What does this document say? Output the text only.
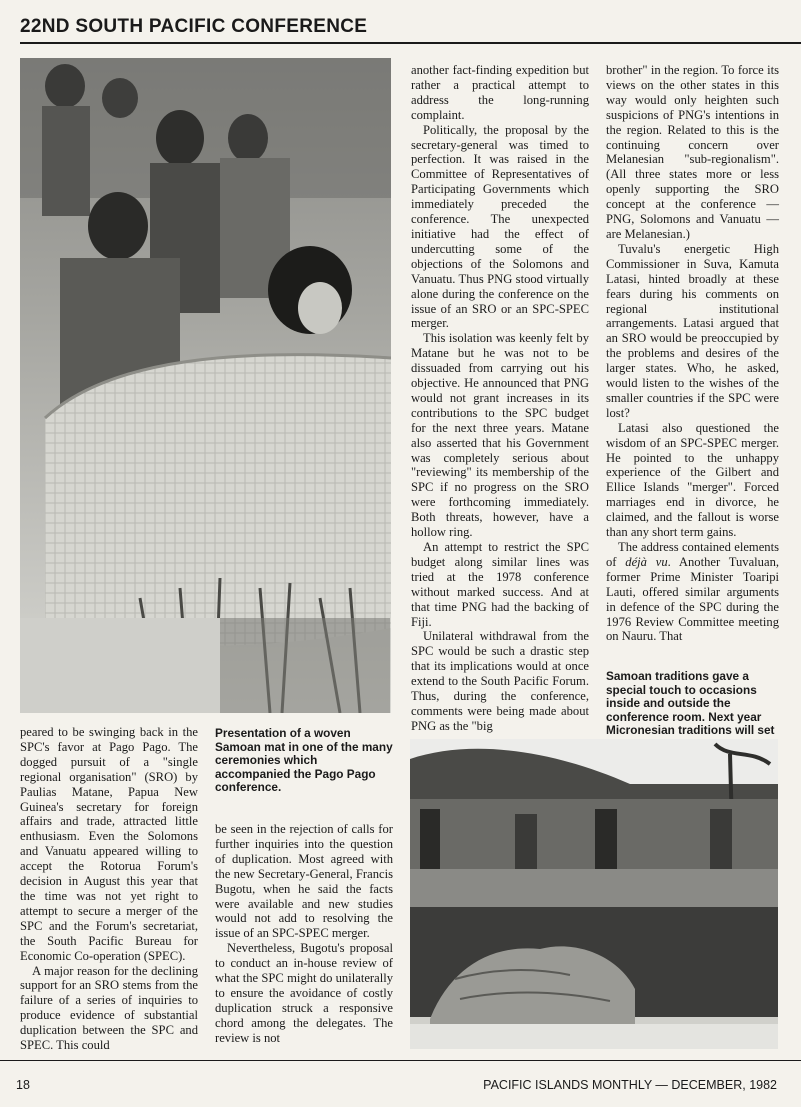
22ND SOUTH PACIFIC CONFERENCE

peared to be swinging back in the SPC's favor at Pago Pago. The dogged pursuit of a "single regional organisation" (SRO) by Paulias Matane, Papua New Guinea's secretary for foreign affairs and trade, attracted little enthusiasm. Even the Solomons and Vanuatu appeared willing to accept the Rotorua Forum's decision in August this year that the time was not yet right to attempt to secure a merger of the SPC and the Forum's secretariat, the South Pacific Bureau for Economic Co-operation (SPEC).

A major reason for the declining support for an SRO stems from the failure of a series of inquiries to produce evidence of substantial duplication between the SPC and SPEC. This could

Presentation of a woven Samoan mat in one of the many ceremonies which accompanied the Pago Pago conference.

be seen in the rejection of calls for further inquiries into the question of duplication. Most agreed with the new Secretary-General, Francis Bugotu, when he said the facts were available and new studies would not add to resolving the issue of an SPC-SPEC merger.

Nevertheless, Bugotu's proposal to conduct an in-house review of what the SPC might do unilaterally to ensure the avoidance of costly duplication struck a responsive chord among the delegates. The review is not

another fact-finding expedition but rather a practical attempt to address the long-running complaint.

Politically, the proposal by the secretary-general was timed to perfection. It was raised in the Committee of Representatives of Participating Governments which immediately preceded the conference. The unexpected initiative had the effect of undercutting some of the objections of the Solomons and Vanuatu. Thus PNG stood virtually alone during the conference on the issue of an SRO or an SPC-SPEC merger.

This isolation was keenly felt by Matane but he was not to be dissuaded from carrying out his objective. He announced that PNG would not grant increases in its contributions to the SPC budget for the next three years. Matane also asserted that his Government was completely serious about "reviewing" its membership of the SPC if no progress on the SRO were forthcoming immediately. Both threats, however, have a hollow ring.

An attempt to restrict the SPC budget along similar lines was tried at the 1978 conference without marked success. And at that time PNG had the backing of Fiji.

Unilateral withdrawal from the SPC would be such a drastic step that its implications would at once extend to the South Pacific Forum. Thus, during the conference, comments were being made about PNG as the "big

brother" in the region. To force its views on the other states in this way would only heighten such suspicions of PNG's intentions in the region. Related to this is the continuing concern over Melanesian "sub-regionalism". (All three states more or less openly supporting the SRO concept at the conference — PNG, Solomons and Vanuatu — are Melanesian.)

Tuvalu's energetic High Commissioner in Suva, Kamuta Latasi, hinted broadly at these fears during his comments on regional institutional arrangements. Latasi argued that an SRO would be preoccupied by the problems and desires of the larger states. Who, he asked, would listen to the wishes of the smaller countries if the SPC were lost?

Latasi also questioned the wisdom of an SPC-SPEC merger. He pointed to the unhappy experience of the Gilbert and Ellice Islands "merger". Forced marriages end in divorce, he claimed, and the fallout is worse than any short term gains.

The address contained elements of déjà vu. Another Tuvaluan, former Prime Minister Toaripi Lauti, offered similar arguments in defence of the SPC during the 1976 Review Committee meeting on Nauru. That

Samoan traditions gave a special touch to occasions inside and outside the conference room. Next year Micronesian traditions will set
18	PACIFIC ISLANDS MONTHLY — DECEMBER, 1982
